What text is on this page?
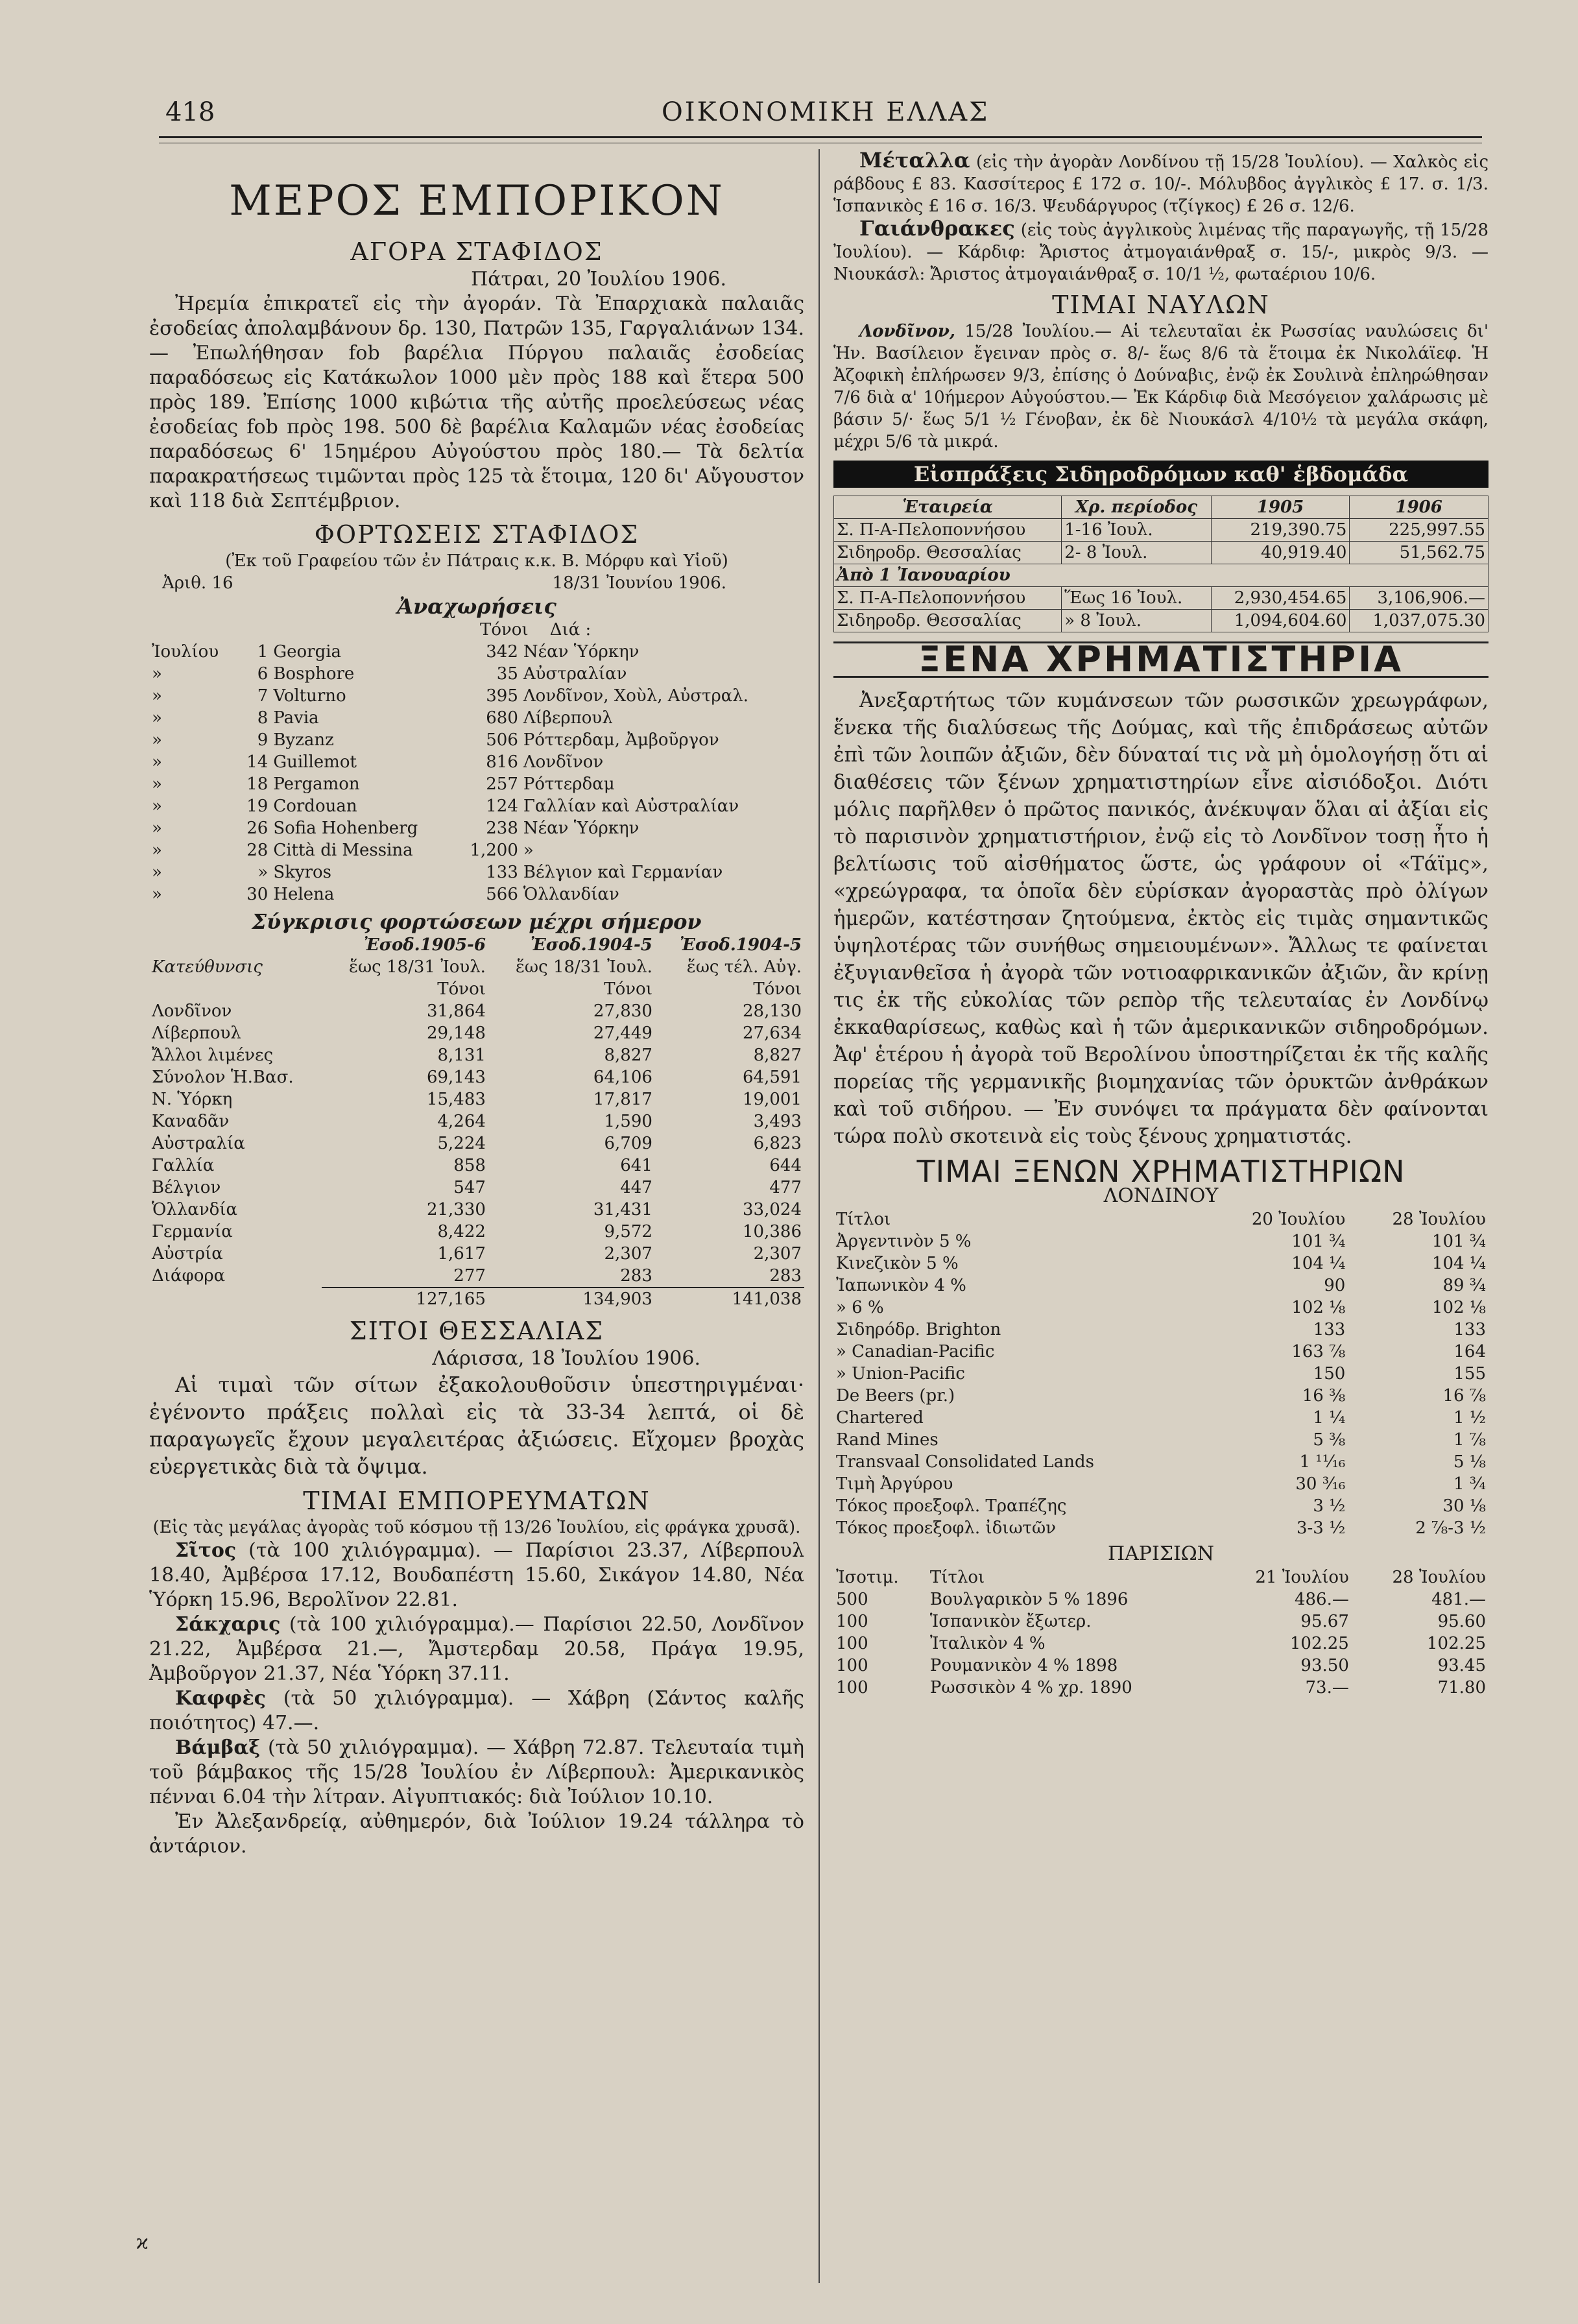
418	ΟΙΚΟΝΟΜΙΚΗ ΕΛΛΑΣ
ΜΕΡΟΣ ΕΜΠΟΡΙΚΟΝ
ΑΓΟΡΑ ΣΤΑΦΙΔΟΣ
Πάτραι, 20 Ἰουλίου 1906.

Ἠρεμία ἐπικρατεῖ εἰς τὴν ἀγοράν. Τὰ Ἐπαρχιακὰ παλαιᾶς ἐσοδείας ἀπολαμβάνουν δρ. 130, Πατρῶν 135, Γαργαλιάνων 134.— Ἐπωλήθησαν fob βαρέλια Πύργου παλαιᾶς ἐσοδείας παραδόσεως εἰς Κατάκωλον 1000 μὲν πρὸς 188 καὶ ἕτερα 500 πρὸς 189. Ἐπίσης 1000 κιβώτια τῆς αὐτῆς προελεύσεως νέας ἐσοδείας fob πρὸς 198. 500 δὲ βαρέλια Καλαμῶν νέας ἐσοδείας παραδόσεως 6' 15ημέρου Αὐγούστου πρὸς 180.— Τὰ δελτία παρακρατήσεως τιμῶνται πρὸς 125 τὰ ἕτοιμα, 120 δι' Αὔγουστον καὶ 118 διὰ Σεπτέμβριον.

ΦΟΡΤΩΣΕΙΣ ΣΤΑΦΙΔΟΣ
(Ἐκ τοῦ Γραφείου τῶν ἐν Πάτραις κ.κ. Β. Μόρφυ καὶ Υἱοῦ)
Ἀριθ. 16	18/31 Ἰουνίου 1906.
Ἀναχωρήσεις
Τόνοι Διά :
Ἰουλίου	1	Georgia	342	Νέαν Ὑόρκην
»	6	Bosphore	35	Αὐστραλίαν
»	7	Volturno	395	Λονδῖνον, Χοὺλ, Αὐστραλ.
»	8	Pavia	680	Λίβερπουλ
»	9	Byzanz	506	Ρόττερδαμ, Ἀμβοῦργον
»	14	Guillemot	816	Λονδῖνον
»	18	Pergamon	257	Ρόττερδαμ
»	19	Cordouan	124	Γαλλίαν καὶ Αὐστραλίαν
»	26	Sofia Hohenberg	238	Νέαν Ὑόρκην
»	28	Città di Messina	1,200	»
»	»	Skyros	133	Βέλγιον καὶ Γερμανίαν
»	30	Helena	566	Ὁλλανδίαν
Σύγκρισις φορτώσεων μέχρι σήμερον
	Ἐσοδ.1905-6	Ἐσοδ.1904-5	Ἐσοδ.1904-5
Κατεύθυνσις	ἕως 18/31 Ἰουλ.	ἕως 18/31 Ἰουλ.	ἕως τέλ. Αὐγ.
	Τόνοι	Τόνοι	Τόνοι
Λονδῖνον	31,864	27,830	28,130
Λίβερπουλ	29,148	27,449	27,634
Ἄλλοι λιμένες	8,131	8,827	8,827
Σύνολον Ἡ.Βασ.	69,143	64,106	64,591
Ν. Ὑόρκη	15,483	17,817	19,001
Καναδᾶν	4,264	1,590	3,493
Αὐστραλία	5,224	6,709	6,823
Γαλλία	858	641	644
Βέλγιον	547	447	477
Ὁλλανδία	21,330	31,431	33,024
Γερμανία	8,422	9,572	10,386
Αὐστρία	1,617	2,307	2,307
Διάφορα	277	283	283
	127,165	134,903	141,038
ΣΙΤΟΙ ΘΕΣΣΑΛΙΑΣ
Λάρισσα, 18 Ἰουλίου 1906.

Αἱ τιμαὶ τῶν σίτων ἐξακολουθοῦσιν ὑπεστηριγμέναι· ἐγένοντο πράξεις πολλαὶ εἰς τὰ 33-34 λεπτά, οἱ δὲ παραγωγεῖς ἔχουν μεγαλειτέρας ἀξιώσεις. Εἴχομεν βροχὰς εὐεργετικὰς διὰ τὰ ὄψιμα.

ΤΙΜΑΙ ΕΜΠΟΡΕΥΜΑΤΩΝ
(Εἰς τὰς μεγάλας ἀγορὰς τοῦ κόσμου τῇ 13/26 Ἰουλίου, εἰς φράγκα χρυσᾶ).

Σῖτος (τὰ 100 χιλιόγραμμα). — Παρίσιοι 23.37, Λίβερπουλ 18.40, Ἀμβέρσα 17.12, Βουδαπέστη 15.60, Σικάγον 14.80, Νέα Ὑόρκη 15.96, Βερολῖνον 22.81.

Σάκχαρις (τὰ 100 χιλιόγραμμα).— Παρίσιοι 22.50, Λονδῖνον 21.22, Ἀμβέρσα 21.—, Ἄμστερδαμ 20.58, Πράγα 19.95, Ἀμβοῦργον 21.37, Νέα Ὑόρκη 37.11.

Καφφὲς (τὰ 50 χιλιόγραμμα). — Χάβρη (Σάντος καλῆς ποιότητος) 47.—.

Βάμβαξ (τὰ 50 χιλιόγραμμα). — Χάβρη 72.87. Τελευταία τιμὴ τοῦ βάμβακος τῆς 15/28 Ἰουλίου ἐν Λίβερπουλ: Ἀμερικανικὸς πένναι 6.04 τὴν λίτραν. Αἰγυπτιακός: διὰ Ἰούλιον 10.10.

Ἐν Ἀλεξανδρείᾳ, αὐθημερόν, διὰ Ἰούλιον 19.24 τάλληρα τὸ ἀντάριον.

Μέταλλα (εἰς τὴν ἀγορὰν Λονδίνου τῇ 15/28 Ἰουλίου). — Χαλκὸς εἰς ράβδους £ 83. Κασσίτερος £ 172 σ. 10/-. Μόλυβδος ἀγγλικὸς £ 17. σ. 1/3. Ἱσπανικὸς £ 16 σ. 16/3. Ψευδάργυρος (τζίγκος) £ 26 σ. 12/6.

Γαιάνθρακες (εἰς τοὺς ἀγγλικοὺς λιμένας τῆς παραγωγῆς, τῇ 15/28 Ἰουλίου). — Κάρδιφ: Ἄριστος ἀτμογαιάνθραξ σ. 15/-, μικρὸς 9/3. — Νιουκάσλ: Ἄριστος ἀτμογαιάνθραξ σ. 10/1 ½, φωταέριου 10/6.

ΤΙΜΑΙ ΝΑΥΛΩΝ

Λονδῖνον, 15/28 Ἰουλίου.— Αἱ τελευταῖαι ἐκ Ρωσσίας ναυλώσεις δι' Ἡν. Βασίλειον ἔγειναν πρὸς σ. 8/- ἕως 8/6 τὰ ἕτοιμα ἐκ Νικολάϊεφ. Ἡ Ἀζοφικὴ ἐπλήρωσεν 9/3, ἐπίσης ὁ Δούναβις, ἐνῷ ἐκ Σουλινὰ ἐπληρώθησαν 7/6 διὰ α' 10ήμερον Αὐγούστου.— Ἐκ Κάρδιφ διὰ Μεσόγειον χαλάρωσις μὲ βάσιν 5/· ἕως 5/1 ½ Γένοβαν, ἐκ δὲ Νιουκάσλ 4/10½ τὰ μεγάλα σκάφη, μέχρι 5/6 τὰ μικρά.

Εἰσπράξεις Σιδηροδρόμων καθ' ἑβδομάδα
Ἑταιρεία	Χρ. περίοδος	1905	1906
Σ. Π-Α-Πελοποννήσου	1-16 Ἰουλ.	219,390.75	225,997.55
Σιδηροδρ. Θεσσαλίας	2- 8 Ἰουλ.	40,919.40	51,562.75
Ἀπὸ 1 Ἰανουαρίου			
Σ. Π-Α-Πελοποννήσου	Ἕως 16 Ἰουλ.	2,930,454.65	3,106,906.—
Σιδηροδρ. Θεσσαλίας	» 8 Ἰουλ.	1,094,604.60	1,037,075.30
ΞΕΝΑ ΧΡΗΜΑΤΙΣΤΗΡΙΑ

Ἀνεξαρτήτως τῶν κυμάνσεων τῶν ρωσσικῶν χρεωγράφων, ἕνεκα τῆς διαλύσεως τῆς Δούμας, καὶ τῆς ἐπιδράσεως αὐτῶν ἐπὶ τῶν λοιπῶν ἀξιῶν, δὲν δύναταί τις νὰ μὴ ὁμολογήσῃ ὅτι αἱ διαθέσεις τῶν ξένων χρηματιστηρίων εἶνε αἰσιόδοξοι. Διότι μόλις παρῆλθεν ὁ πρῶτος πανικός, ἀνέκυψαν ὅλαι αἱ ἀξίαι εἰς τὸ παρισινὸν χρηματιστήριον, ἐνῷ εἰς τὸ Λονδῖνον τοσῃ ἦτο ἡ βελτίωσις τοῦ αἰσθήματος ὥστε, ὡς γράφουν οἱ «Τάϊμς», «χρεώγραφα, τα ὁποῖα δὲν εὑρίσκαν ἀγοραστὰς πρὸ ὀλίγων ἡμερῶν, κατέστησαν ζητούμενα, ἐκτὸς εἰς τιμὰς σημαντικῶς ὑψηλοτέρας τῶν συνήθως σημειουμένων». Ἄλλως τε φαίνεται ἐξυγιανθεῖσα ἡ ἀγορὰ τῶν νοτιοαφρικανικῶν ἀξιῶν, ἂν κρίνῃ τις ἐκ τῆς εὐκολίας τῶν ρεπὸρ τῆς τελευταίας ἐν Λονδίνῳ ἐκκαθαρίσεως, καθὼς καὶ ἡ τῶν ἀμερικανικῶν σιδηροδρόμων. Ἀφ' ἑτέρου ἡ ἀγορὰ τοῦ Βερολίνου ὑποστηρίζεται ἐκ τῆς καλῆς πορείας τῆς γερμανικῆς βιομηχανίας τῶν ὀρυκτῶν ἀνθράκων καὶ τοῦ σιδήρου. — Ἐν συνόψει τα πράγματα δὲν φαίνονται τώρα πολὺ σκοτεινὰ εἰς τοὺς ξένους χρηματιστάς.

ΤΙΜΑΙ ΞΕΝΩΝ ΧΡΗΜΑΤΙΣΤΗΡΙΩΝ
ΛΟΝΔΙΝΟΥ
Τίτλοι	20 Ἰουλίου	28 Ἰουλίου
Ἀργεντινὸν 5 %	101 ¾	101 ¾
Κινεζικὸν 5 %	104 ¼	104 ¼
Ἰαπωνικὸν 4 %	90	89 ¾
» 6 %	102 ⅛	102 ⅛
Σιδηρόδρ. Brighton	133	133
» Canadian-Pacific	163 ⅞	164
» Union-Pacific	150	155
De Beers (pr.)	16 ⅜	16 ⅞
Chartered	1 ¼	1 ½
Rand Mines	5 ⅜	1 ⅞
Transvaal Consolidated Lands	1 ¹¹⁄₁₆	5 ⅛
Τιμὴ Ἀργύρου	30 ³⁄₁₆	1 ¾
Τόκος προεξοφλ. Τραπέζης	3 ½	30 ⅛
Τόκος προεξοφλ. ἰδιωτῶν	3-3 ½	2 ⅞-3 ½
ΠΑΡΙΣΙΩΝ
Ἰσοτιμ.	Τίτλοι	21 Ἰουλίου	28 Ἰουλίου
500	Βουλγαρικὸν 5 % 1896	486.—	481.—
100	Ἱσπανικὸν ἔξωτερ.	95.67	95.60
100	Ἰταλικὸν 4 %	102.25	102.25
100	Ρουμανικὸν 4 % 1898	93.50	93.45
100	Ρωσσικὸν 4 % χρ. 1890	73.—	71.80
ϰ
